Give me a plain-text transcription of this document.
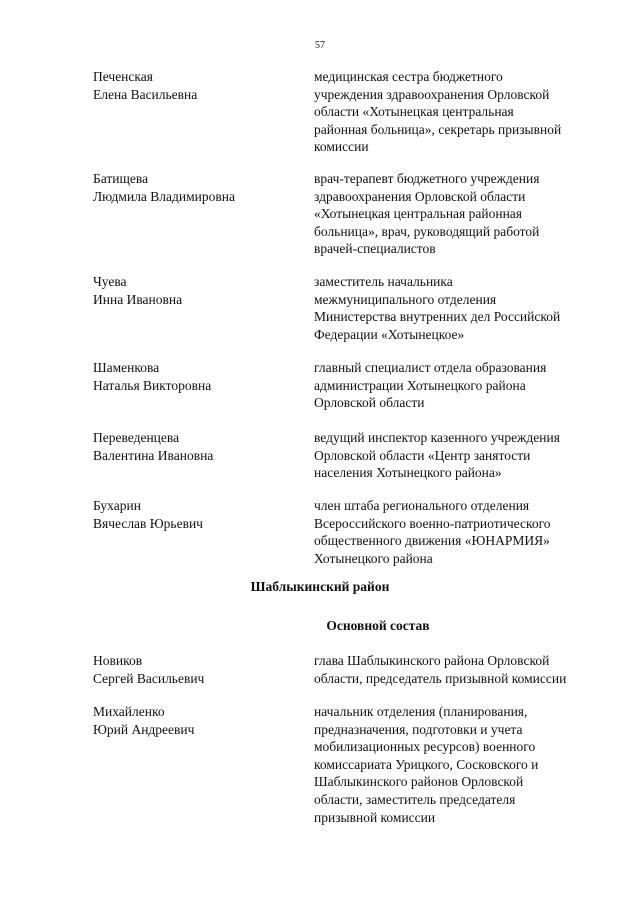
57
Печенская
Елена Васильевна
медицинская сестра бюджетного
учреждения здравоохранения Орловской
области «Хотынецкая центральная
районная больница», секретарь призывной
комиссии
Батищева
Людмила Владимировна
врач-терапевт бюджетного учреждения
здравоохранения Орловской области
«Хотынецкая центральная районная
больница», врач, руководящий работой
врачей-специалистов
Чуева
Инна Ивановна
заместитель начальника
межмуниципального отделения
Министерства внутренних дел Российской
Федерации «Хотынецкое»
Шаменкова
Наталья Викторовна
главный специалист отдела образования
администрации Хотынецкого района
Орловской области
Переведенцева
Валентина Ивановна
ведущий инспектор казенного учреждения
Орловской области «Центр занятости
населения Хотынецкого района»
Бухарин
Вячеслав Юрьевич
член штаба регионального отделения
Всероссийского военно-патриотического
общественного движения «ЮНАРМИЯ»
Хотынецкого района
Шаблыкинский район
Основной состав
Новиков
Сергей Васильевич
глава Шаблыкинского района Орловской
области, председатель призывной комиссии
Михайленко
Юрий Андреевич
начальник отделения (планирования,
предназначения, подготовки и учета
мобилизационных ресурсов) военного
комиссариата Урицкого, Сосковского и
Шаблыкинского районов Орловской
области, заместитель председателя
призывной комиссии
